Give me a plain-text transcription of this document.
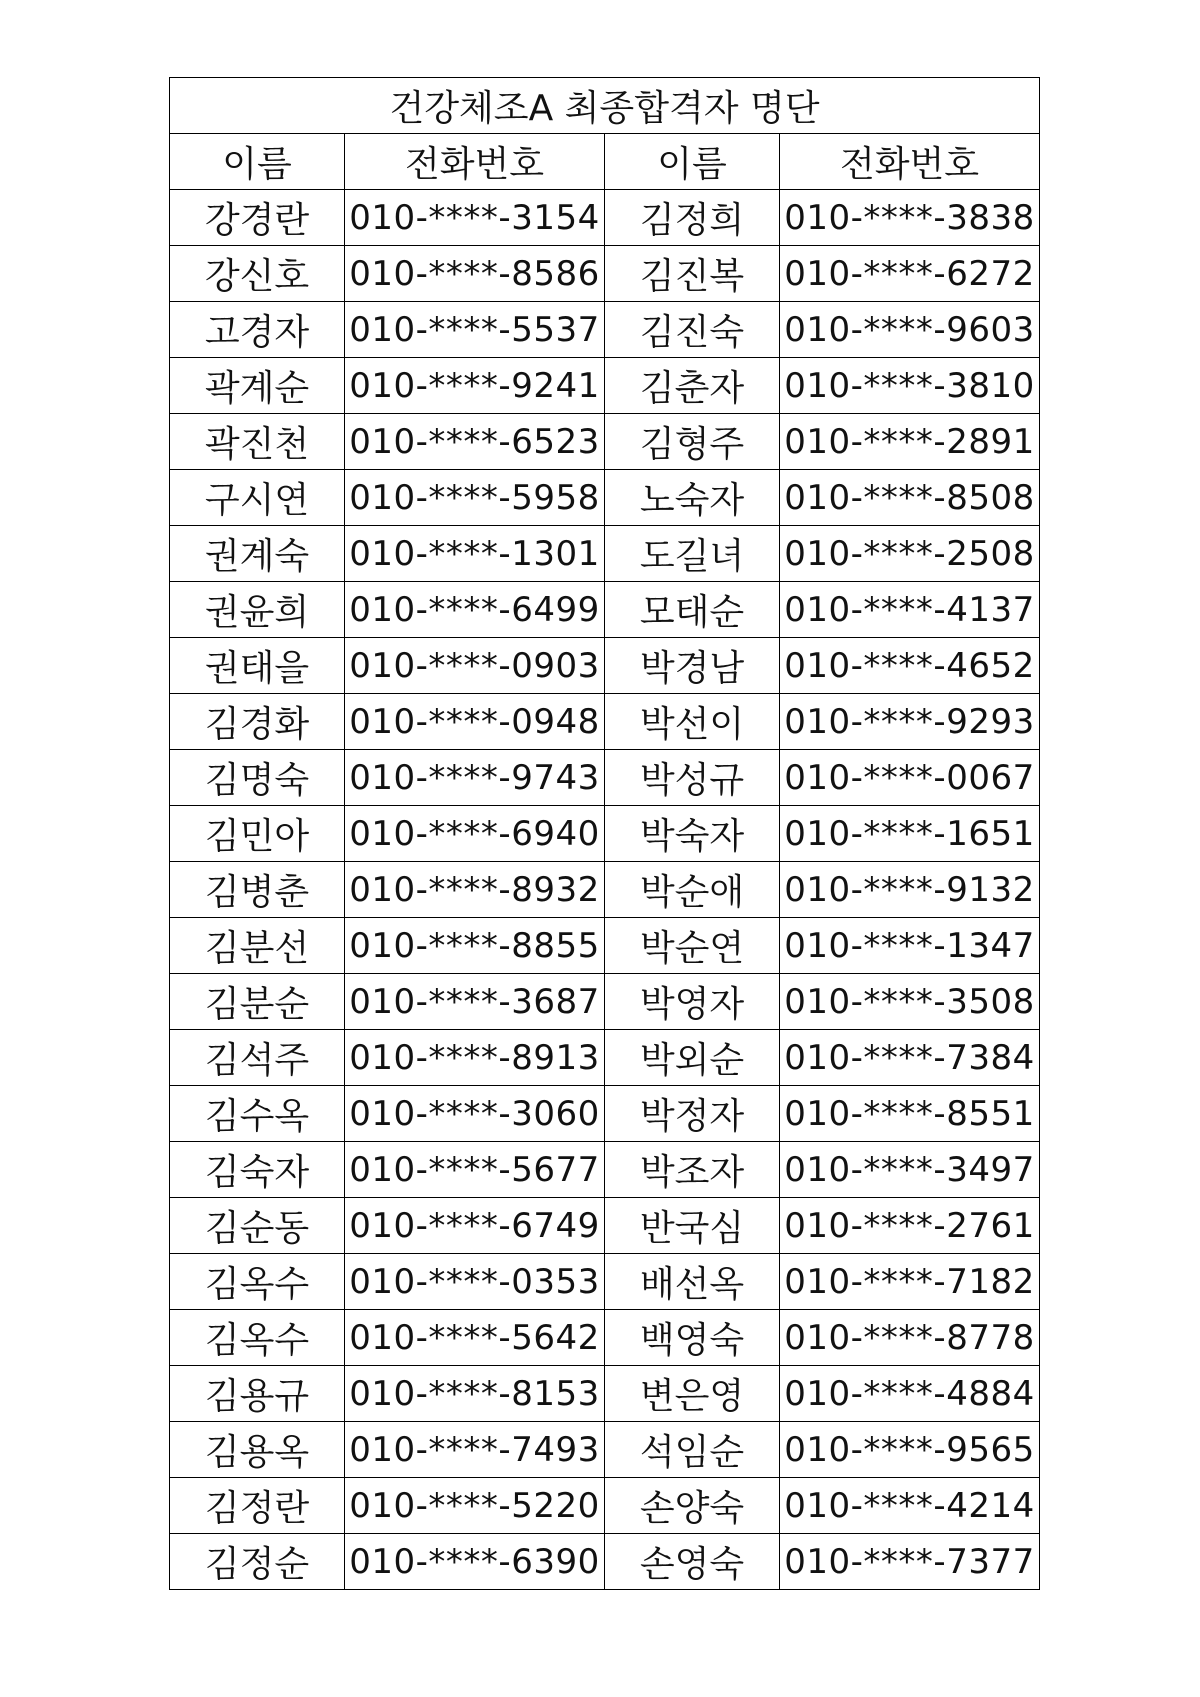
건강체조A 최종합격자 명단			
이름	전화번호	이름	전화번호
강경란	010-****-3154	김정희	010-****-3838
강신호	010-****-8586	김진복	010-****-6272
고경자	010-****-5537	김진숙	010-****-9603
곽계순	010-****-9241	김춘자	010-****-3810
곽진천	010-****-6523	김형주	010-****-2891
구시연	010-****-5958	노숙자	010-****-8508
권계숙	010-****-1301	도길녀	010-****-2508
권윤희	010-****-6499	모태순	010-****-4137
권태을	010-****-0903	박경남	010-****-4652
김경화	010-****-0948	박선이	010-****-9293
김명숙	010-****-9743	박성규	010-****-0067
김민아	010-****-6940	박숙자	010-****-1651
김병춘	010-****-8932	박순애	010-****-9132
김분선	010-****-8855	박순연	010-****-1347
김분순	010-****-3687	박영자	010-****-3508
김석주	010-****-8913	박외순	010-****-7384
김수옥	010-****-3060	박정자	010-****-8551
김숙자	010-****-5677	박조자	010-****-3497
김순동	010-****-6749	반국심	010-****-2761
김옥수	010-****-0353	배선옥	010-****-7182
김옥수	010-****-5642	백영숙	010-****-8778
김용규	010-****-8153	변은영	010-****-4884
김용옥	010-****-7493	석임순	010-****-9565
김정란	010-****-5220	손양숙	010-****-4214
김정순	010-****-6390	손영숙	010-****-7377
